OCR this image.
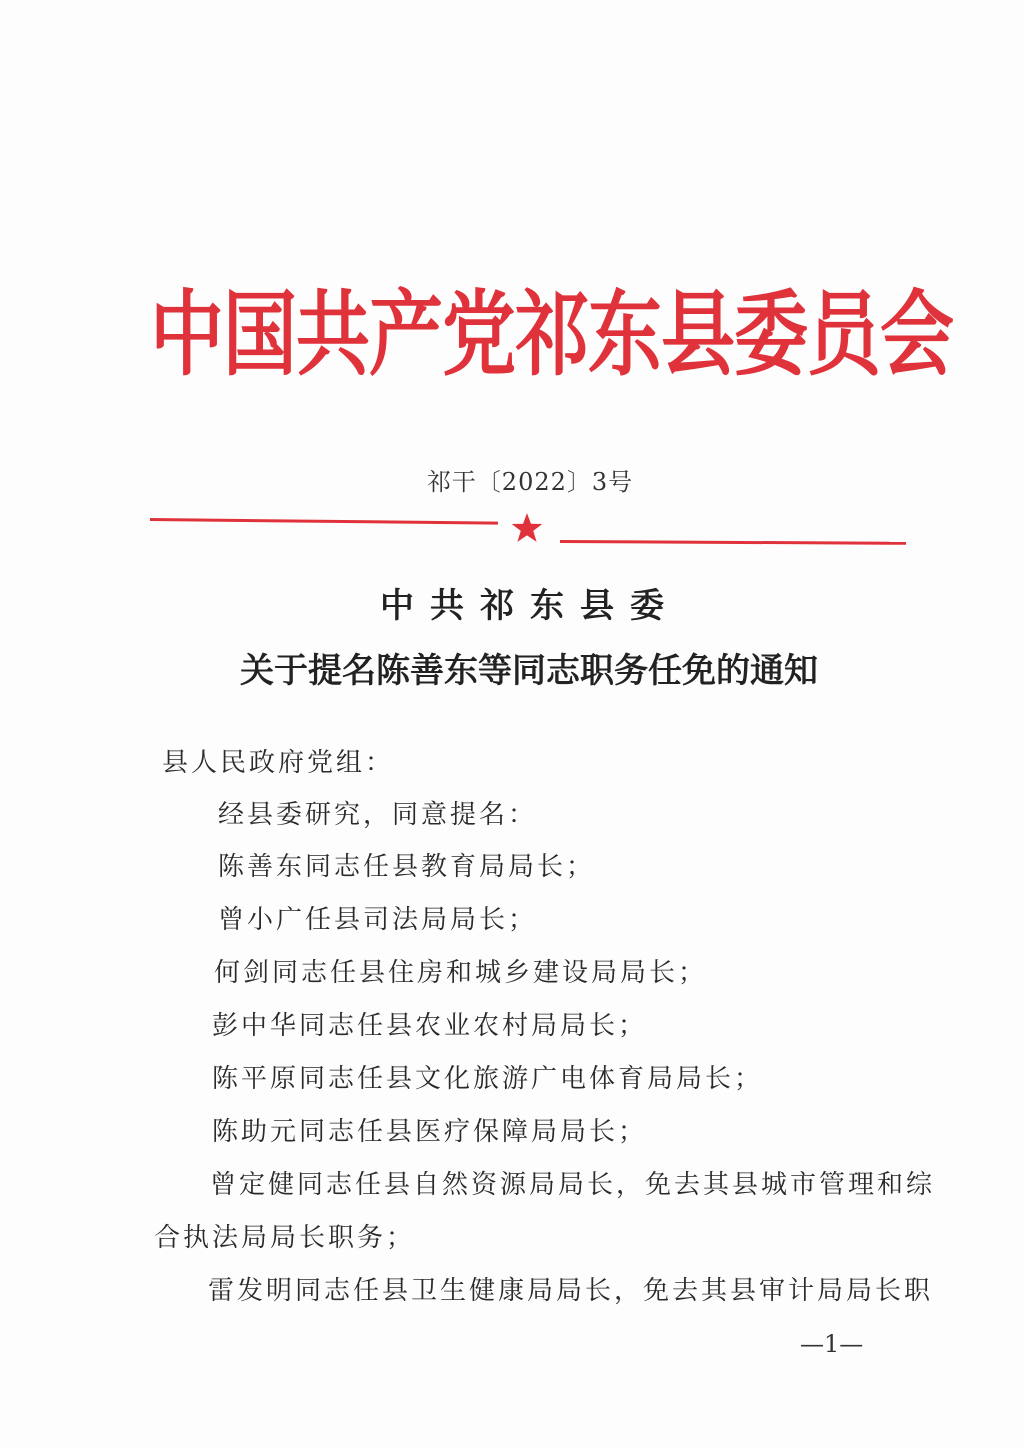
中国共产党祁东县委员会
祁干〔2022〕3号
中共祁东县委
关于提名陈善东等同志职务任免的通知
县人民政府党组：
经县委研究，同意提名：
陈善东同志任县教育局局长；
曾小广任县司法局局长；
何剑同志任县住房和城乡建设局局长；
彭中华同志任县农业农村局局长；
陈平原同志任县文化旅游广电体育局局长；
陈助元同志任县医疗保障局局长；
曾定健同志任县自然资源局局长，免去其县城市管理和综
合执法局局长职务；
雷发明同志任县卫生健康局局长，免去其县审计局局长职
—1—
